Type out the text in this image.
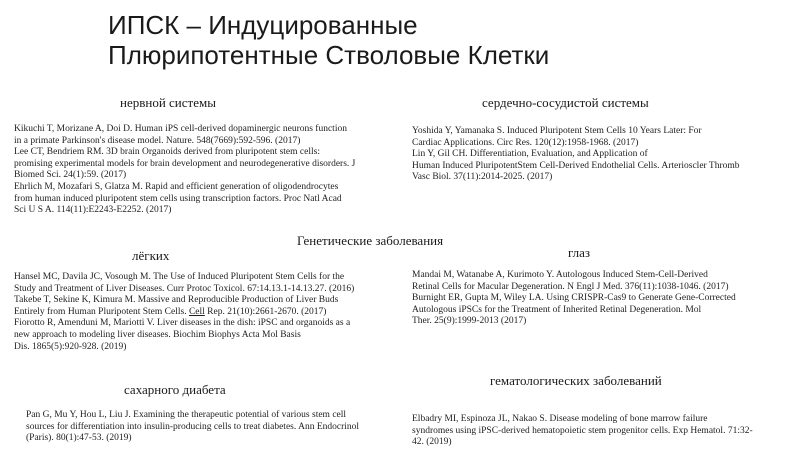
ИПСК – Индуцированные
Плюрипотентные Стволовые Клетки
нервной системы
Kikuchi T, Morizane A, Doi D. Human iPS cell-derived dopaminergic neurons function
in a primate Parkinson's disease model. Nature. 548(7669):592-596. (2017)
Lee CT, Bendriem RM. 3D brain Organoids derived from pluripotent stem cells:
promising experimental models for brain development and neurodegenerative disorders. J
Biomed Sci. 24(1):59. (2017)
Ehrlich M, Mozafari S, Glatza M. Rapid and efficient generation of oligodendrocytes
from human induced pluripotent stem cells using transcription factors. Proc Natl Acad
Sci U S A. 114(11):E2243-E2252. (2017)
сердечно-сосудистой системы
Yoshida Y, Yamanaka S. Induced Pluripotent Stem Cells 10 Years Later: For
Cardiac Applications. Circ Res. 120(12):1958-1968. (2017)
Lin Y, Gil CH. Differentiation, Evaluation, and Application of
Human Induced PluripotentStem Cell-Derived Endothelial Cells. Arterioscler Thromb
Vasc Biol. 37(11):2014-2025. (2017)
Генетические заболевания
лёгких
Hansel MC, Davila JC, Vosough M. The Use of Induced Pluripotent Stem Cells for the
Study and Treatment of Liver Diseases. Curr Protoc Toxicol. 67:14.13.1-14.13.27. (2016)
Takebe T, Sekine K, Kimura M. Massive and Reproducible Production of Liver Buds
Entirely from Human Pluripotent Stem Cells. Cell Rep. 21(10):2661-2670. (2017)
Fiorotto R, Amenduni M, Mariotti V. Liver diseases in the dish: iPSC and organoids as a
new approach to modeling liver diseases. Biochim Biophys Acta Mol Basis
Dis. 1865(5):920-928. (2019)
глаз
Mandai M, Watanabe A, Kurimoto Y. Autologous Induced Stem-Cell-Derived
Retinal Cells for Macular Degeneration. N Engl J Med. 376(11):1038-1046. (2017)
Burnight ER, Gupta M, Wiley LA. Using CRISPR-Cas9 to Generate Gene-Corrected
Autologous iPSCs for the Treatment of Inherited Retinal Degeneration. Mol
Ther. 25(9):1999-2013 (2017)
сахарного диабета
Pan G, Mu Y, Hou L, Liu J. Examining the therapeutic potential of various stem cell
sources for differentiation into insulin-producing cells to treat diabetes. Ann Endocrinol
(Paris). 80(1):47-53. (2019)
гематологических заболеваний
Elbadry MI, Espinoza JL, Nakao S. Disease modeling of bone marrow failure
syndromes using iPSC-derived hematopoietic stem progenitor cells. Exp Hematol. 71:32-
42. (2019)
